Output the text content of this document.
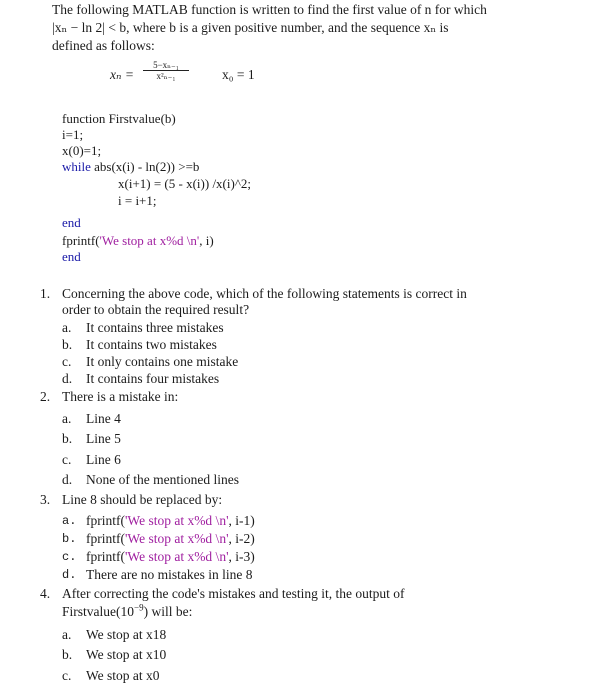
The following MATLAB function is written to find the first value of n for which
|xₙ − ln 2| < b, where b is a given positive number, and the sequence xₙ is
defined as follows:
$x_n = \frac{\text{5−xₙ₋₁}}{\text{x²ₙ₋₁}} x_0 = 1$
function Firstvalue(b)
i=1;
x(0)=1;
while abs(x(i) - ln(2)) >=b
x(i+1) = (5 - x(i)) /x(i)^2;
i = i+1;
end
fprintf('We stop at x%d \n', i)
end
1. Concerning the above code, which of the following statements is correct in
order to obtain the required result?
a. It contains three mistakes
b. It contains two mistakes
c. It only contains one mistake
d. It contains four mistakes
2. There is a mistake in:
a. Line 4
b. Line 5
c. Line 6
d. None of the mentioned lines
3. Line 8 should be replaced by:
a. fprintf('We stop at x%d \n', i-1)
b. fprintf('We stop at x%d \n', i-2)
c. fprintf('We stop at x%d \n', i-3)
d. There are no mistakes in line 8
4. After correcting the code's mistakes and testing it, the output of
$Firstvalue(10^{-9})$ will be:
a. We stop at x18
b. We stop at x10
c. We stop at x0
